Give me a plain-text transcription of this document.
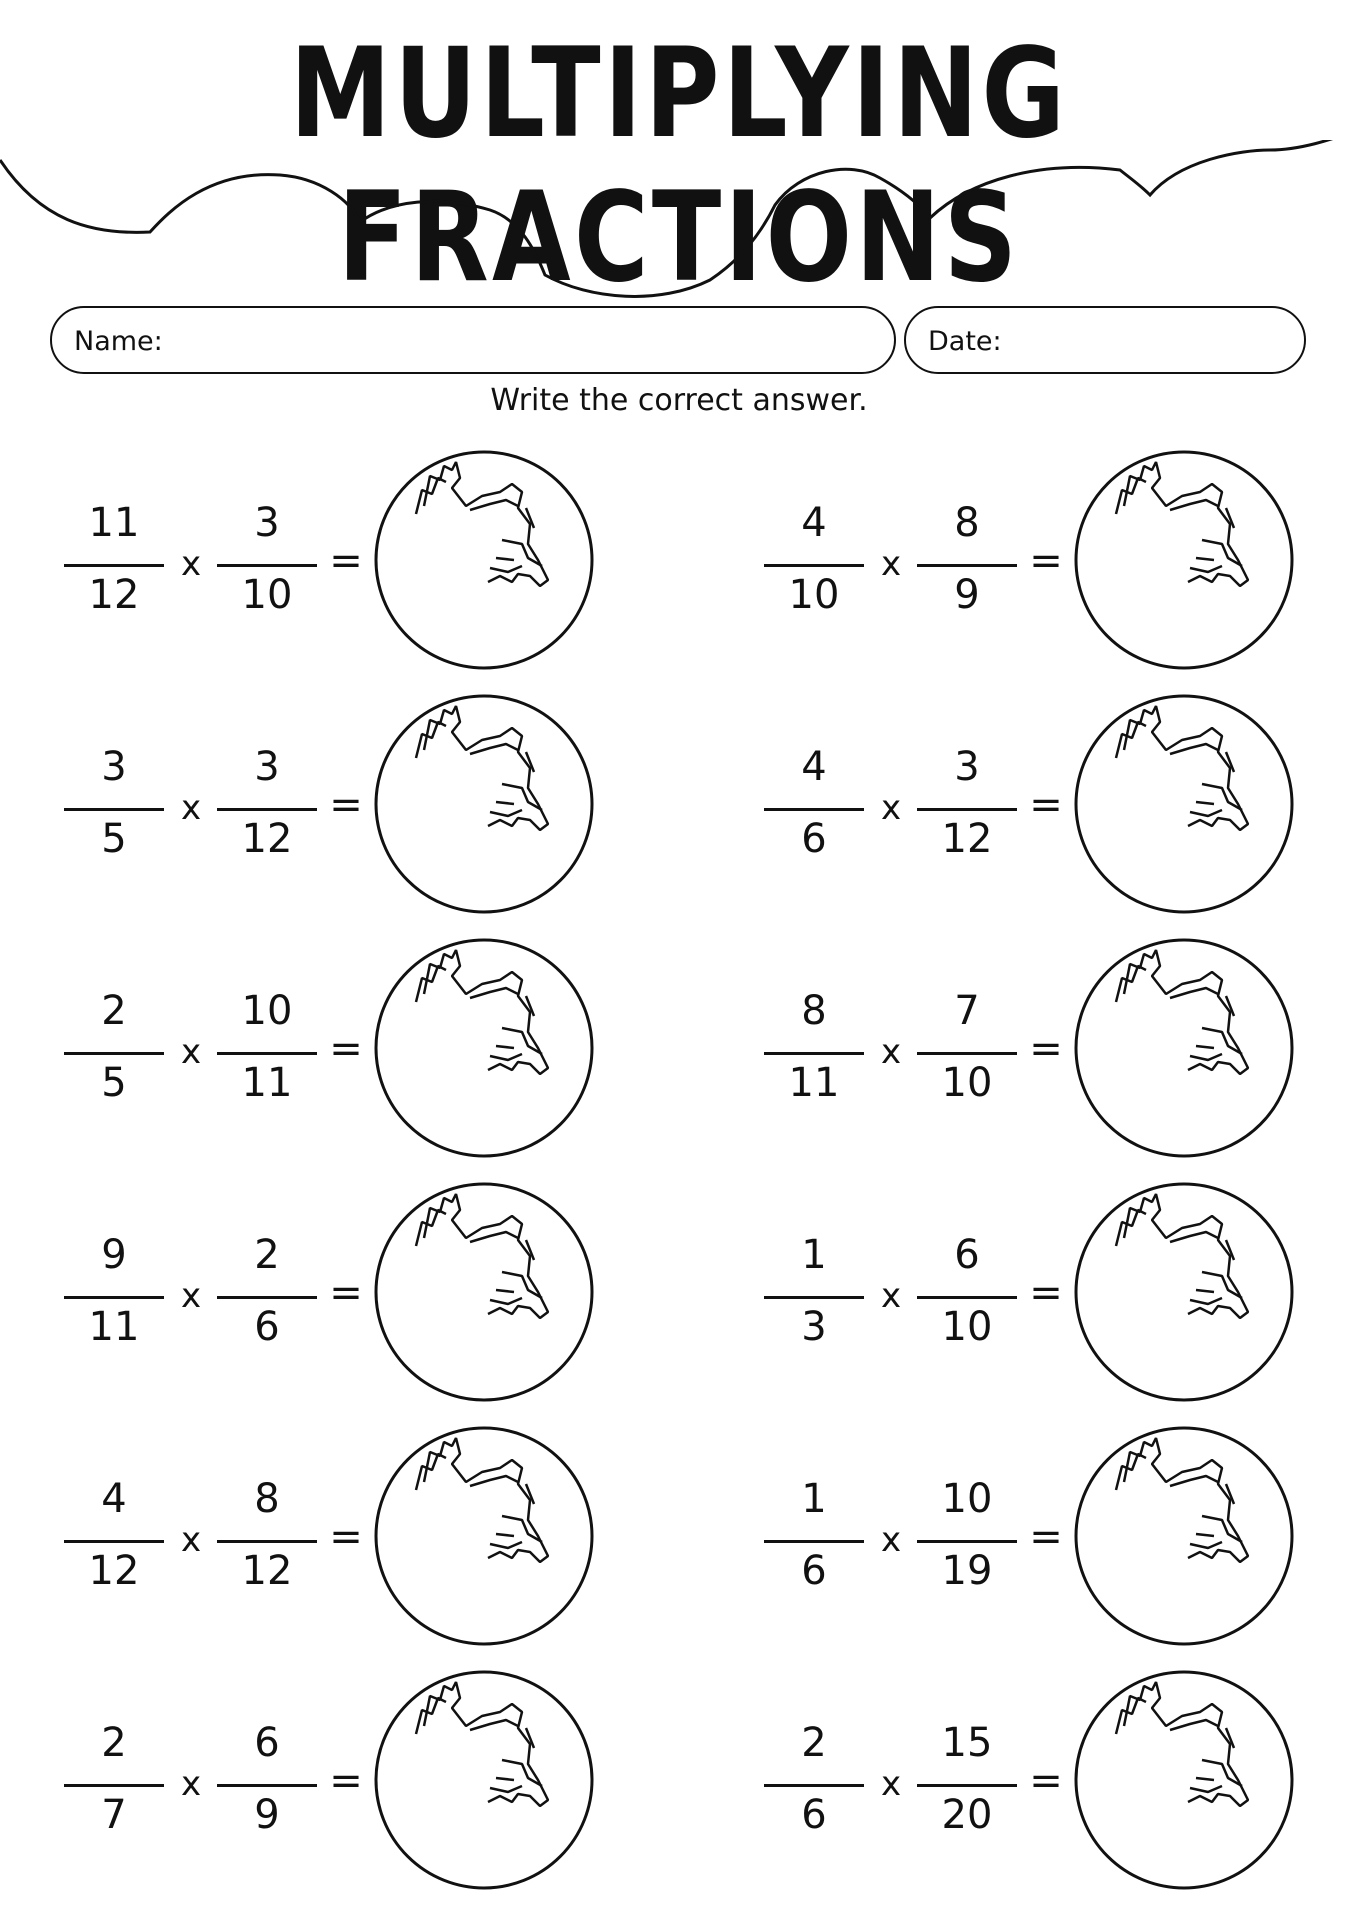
MULTIPLYING FRACTIONS
Name:	Date:
Write the correct answer.
11
12
x
3
10
=
4
10
x
8
9
=
3
5
x
3
12
=
4
6
x
3
12
=
2
5
x
10
11
=
8
11
x
7
10
=
9
11
x
2
6
=
1
3
x
6
10
=
4
12
x
8
12
=
1
6
x
10
19
=
2
7
x
6
9
=
2
6
x
15
20
=
